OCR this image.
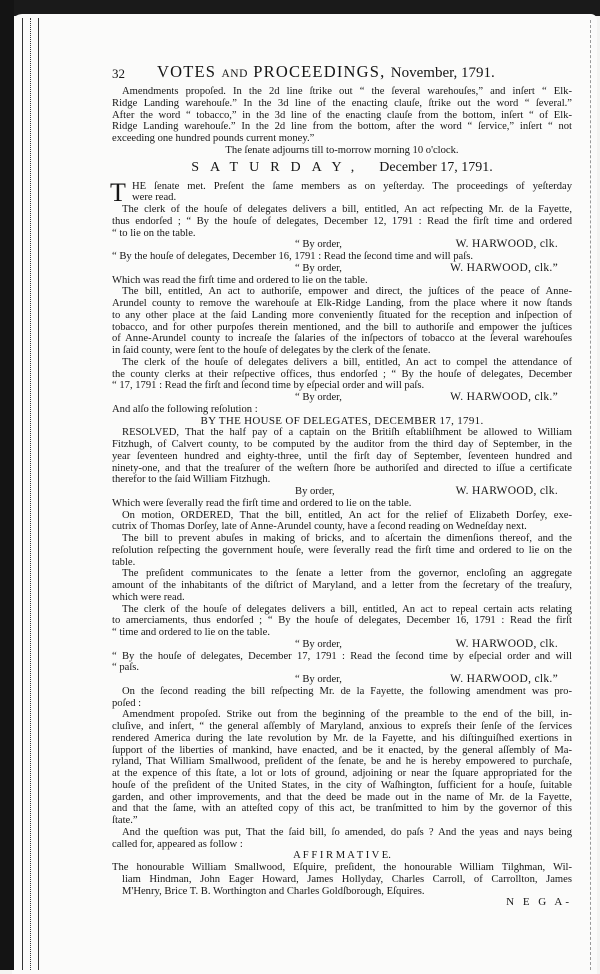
32 VOTES AND PROCEEDINGS, November, 1791.
Amendments propoſed. In the 2d line ſtrike out “ the ſeveral warehouſes,” and inſert “ Elk-
Ridge Landing warehouſe.” In the 3d line of the enacting clauſe, ſtrike out the word “ ſeveral.”
After the word “ tobacco,” in the 3d line of the enacting clauſe from the bottom, inſert “ of Elk-
Ridge Landing warehouſe.” In the 2d line from the bottom, after the word “ ſervice,” inſert “ not
exceeding one hundred pounds current money.”
The ſenate adjourns till to-morrow morning 10 o'clock.
SATURDAY, December 17, 1791.
T HE ſenate met. Preſent the ſame members as on yeſterday. The proceedings of yeſterday
were read.
The clerk of the houſe of delegates delivers a bill, entitled, An act reſpecting Mr. de la Fayette,
thus endorſed ; “ By the houſe of delegates, December 12, 1791 : Read the firſt time and ordered
“ to lie on the table.
“ By order,	W. HARWOOD, clk.
“ By the houſe of delegates, December 16, 1791 : Read the ſecond time and will paſs.
“ By order,	W. HARWOOD, clk.”
Which was read the firſt time and ordered to lie on the table.
The bill, entitled, An act to authoriſe, empower and direct, the juſtices of the peace of Anne-
Arundel county to remove the warehouſe at Elk-Ridge Landing, from the place where it now ſtands
to any other place at the ſaid Landing more conveniently ſituated for the reception and inſpection of
tobacco, and for other purpoſes therein mentioned, and the bill to authoriſe and empower the juſtices
of Anne-Arundel county to increaſe the ſalaries of the inſpectors of tobacco at the ſeveral warehouſes
in ſaid county, were ſent to the houſe of delegates by the clerk of the ſenate.
The clerk of the houſe of delegates delivers a bill, entitled, An act to compel the attendance of
the county clerks at their reſpective offices, thus endorſed ; “ By the houſe of delegates, December
“ 17, 1791 : Read the firſt and ſecond time by eſpecial order and will paſs.
“ By order,	W. HARWOOD, clk.”
And alſo the following reſolution :
BY THE HOUSE OF DELEGATES, DECEMBER 17, 1791.
RESOLVED, That the half pay of a captain on the Britiſh eſtabliſhment be allowed to William
Fitzhugh, of Calvert county, to be computed by the auditor from the third day of September, in the
year ſeventeen hundred and eighty-three, until the firſt day of September, ſeventeen hundred and
ninety-one, and that the treaſurer of the weſtern ſhore be authoriſed and directed to iſſue a certificate
therefor to the ſaid William Fitzhugh.
By order,	W. HARWOOD, clk.
Which were ſeverally read the firſt time and ordered to lie on the table.
On motion, ORDERED, That the bill, entitled, An act for the relief of Elizabeth Dorſey, exe-
cutrix of Thomas Dorſey, late of Anne-Arundel county, have a ſecond reading on Wedneſday next.
The bill to prevent abuſes in making of bricks, and to aſcertain the dimenſions thereof, and the
reſolution reſpecting the government houſe, were ſeverally read the firſt time and ordered to lie on the
table.
The preſident communicates to the ſenate a letter from the governor, encloſing an aggregate
amount of the inhabitants of the diſtrict of Maryland, and a letter from the ſecretary of the treaſury,
which were read.
The clerk of the houſe of delegates delivers a bill, entitled, An act to repeal certain acts relating
to amerciaments, thus endorſed ; “ By the houſe of delegates, December 16, 1791 : Read the firſt
“ time and ordered to lie on the table.
“ By order,	W. HARWOOD, clk.
“ By the houſe of delegates, December 17, 1791 : Read the ſecond time by eſpecial order and will
“ paſs.
“ By order,	W. HARWOOD, clk.”
On the ſecond reading the bill reſpecting Mr. de la Fayette, the following amendment was pro-
poſed :
Amendment propoſed. Strike out from the beginning of the preamble to the end of the bill, in-
cluſive, and inſert, “ the general aſſembly of Maryland, anxious to expreſs their ſenſe of the ſervices
rendered America during the late revolution by Mr. de la Fayette, and his diſtinguiſhed exertions in
ſupport of the liberties of mankind, have enacted, and be it enacted, by the general aſſembly of Ma-
ryland, That William Smallwood, preſident of the ſenate, be and he is hereby empowered to purchaſe,
at the expence of this ſtate, a lot or lots of ground, adjoining or near the ſquare appropriated for the
houſe of the preſident of the United States, in the city of Waſhington, ſufficient for a houſe, ſuitable
garden, and other improvements, and that the deed be made out in the name of Mr. de la Fayette,
and that the ſame, with an atteſted copy of this act, be tranſmitted to him by the governor of this
ſtate.”
And the queſtion was put, That the ſaid bill, ſo amended, do paſs ? And the yeas and nays being
called for, appeared as follow :
A F F I R M A T I V E.
The honourable William Smallwood, Eſquire, preſident, the honourable William Tilghman, Wil-
liam Hindman, John Eager Howard, James Hollyday, Charles Carroll, of Carrollton, James
M'Henry, Brice T. B. Worthington and Charles Goldſborough, Eſquires.
N E G A-
